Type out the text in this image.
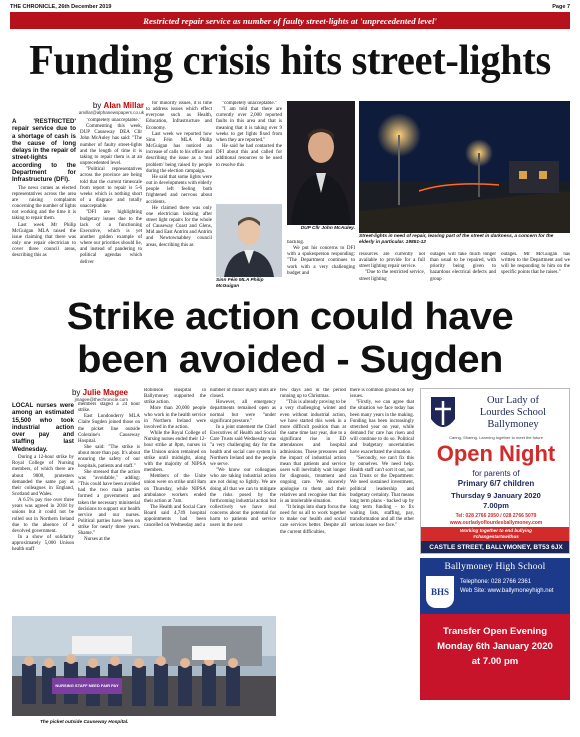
THE CHRONICLE, 26th December 2019	Page 7
Restricted repair service as number of faulty street-lights at 'unprecedented level'
Funding crisis hits street-lights
by Alan Millar
amillar@alphanewspapers.co.uk
A 'RESTRICTED' repair service due to a shortage of cash is the cause of long delays in the repair of street-lights according to the Department for Infrastructure (DFI).

The news comes as elected representatives across the area are raising complaints concerning the number of lights not working and the time it is taking to repair them.

Last week Mr Philip McGuigan MLA raised the issue claiming that there was only one repair electrician to cover three council areas, describing this as

"completely unacceptable."

Commenting this week, DUP Causeway DEA Cllr John McAuley has said: "The number of faulty street-lights and the length of time it is taking to repair them is at an unprecedented level.

"Political representatives across the province are being told that the current timescale from report to repair is 5-6 weeks which is nothing short of a disgrace and totally unacceptable.

"DFI are highlighting budgetary issues due to the lack of a functioning Executive, which is yet another golden example of where our priorities should lie, and instead of pandering to political agendas which deliver

for minority issues, it is time to address issues which effect everyone such as Health, Education, Infrastructure and Economy.

Last week we reported how Sinn Féin MLA Philip McGuigan has noticed an increase of calls to his office and describing the issue as a 'real problem' being raised by people during the election campaign.

He said that some lights were out in developments with elderly people left feeling both frightened and nervous about accidents.

He claimed there was only one electrician looking after street light repairs for the whole of Causeway Coast and Glens, Mid and East Antrim and Antrim and Newtownabbey council areas, describing this as

"completely unacceptable."

"I am told that there are currently over 2,000 reported faults in this area and that is meaning that it is taking over 9 weeks to get lights fixed from when they are reported."

He said he had contacted the DFI about this and called for additional resources to be used to resolve this

Sinn Féin MLA Philip McGuigan
DUP Cllr John McAuley.

backlog.

We put his concerns to DFI with a spokesperson responding: "The Department continues to work with a very challenging budget and

Street-lights in need of repair, leaving part of the street in darkness, a concern for the elderly in particular. 19851-12

resources are currently not available to provide for a full street lighting repair service.

"Due to the restricted service, street lighting

outages will take much longer than usual to be repaired, with priority being given to hazardous electrical defects and group

outages. Mr McGuigan has written to the Department and we will be responding to him on the specific points that he raises."

Strike action could have
been avoided - Sugden
by Julie Magee
jmagee@thechronicle.com
LOCAL nurses were among an estimated 15,500 who took industrial action over pay and staffing last Wednesday.

During a 12-hour strike by Royal College of Nursing members, of which there are about 9000, protesters demanded the same pay as their colleagues in England, Scotland and Wales.

A 6.5% pay rise over three years was agreed in 2018 by unions but it could not be rolled out in Northern Ireland due to the absence of a devolved government.

In a show of solidarity approximately 5,000 Unison health staff

members staged a 24 hour strike.

East Londonderry MLA Claire Sugden joined those on the picket line outside Coleraine's Causeway Hospital.

She said: "The strike is about more than pay. It's about ensuring the safety of our hospitals, patients and staff."

She stressed that the action was "avoidable," adding: "This could have been avoided had the two main parties formed a government and taken the necessary ministerial decisions to support our health service and our nurses. Political parties have been on strike for nearly three years. Shame."

Nurses at the

Robinson Hospital in Ballymoney supported the strike action.

More than 20,000 people who work in the health service in Northern Ireland were involved in the action.

While the Royal College of Nursing nurses ended their 12-hour strike at 8pm, nurses in the Unison union remained on strike until midnight, along with the majority of NIPSA members.

Members of the Unite union were on strike until 8am on Thursday, while NIPSA ambulance workers ended their action at 7am.

The Health and Social Care Board said 4,749 hospital appointments had been cancelled on Wednesday and a

number of minor injury units are closed.

However, all emergency departments remained open as normal but were "under significant pressure."

In a joint statement the Chief Executives of Health and Social Care Trusts said Wednesday was "a very challenging day for the health and social care system in Northern Ireland and the people we serve.

"We know our colleagues who are taking industrial action are not doing so lightly. We are doing all that we can to mitigate the risks posed by the forthcoming industrial action but collectively we have real concerns about the potential for harm to patients and service users in the next

few days and in the period running up to Christmas.

"This is already proving to be a very challenging winter and even without industrial action, we have started this week in a more difficult position than at the same time last year, due to a significant rise in ED attendances and hospital admissions. These pressures and the impact of industrial action mean that patients and service users will inevitably wait longer for diagnosis, treatment and ongoing care. We sincerely apologise to them and their relatives and recognise that this is an intolerable situation.

"It brings into sharp focus the need for us all to work together to make our health and social care services better. Despite all the current difficulties,

there is common ground on key issues.

"Firstly, we can agree that the situation we face today has been many years in the making. Funding has been increasingly stretched year on year, while demand for care has risen and will continue to do so. Political and budgetary uncertainties have exacerbated the situation.

"Secondly, we can't fix this by ourselves. We need help. Health staff can't sort it out, nor can Trusts or the Department. We need sustained investment, political leadership and budgetary certainty. That means long term plans - backed up by long term funding - to fix waiting lists, staffing, pay, transformation and all the other serious issues we face."

NURSING STAFF NEED FAIR PAY
The picket outside Causeway Hospital.
Our Lady of
Lourdes School
Ballymoney
Caring, Sharing, Learning together to meet the future
Open Night
for parents of
Primary 6/7 children
Thursday 9 January 2020
7.00pm
Tel: 028 2766 2050 / 028 2766 5079
www.ourladyoflourdesballymoney.com
Working together to end bullying
#changestartswithus
CASTLE STREET, BALLYMONEY, BT53 6JX
Ballymoney High School
BHS
Telephone: 028 2766 2361
Web Site: www.ballymoneyhigh.net
Transfer Open Evening
Monday 6th January 2020
at 7.00 pm
